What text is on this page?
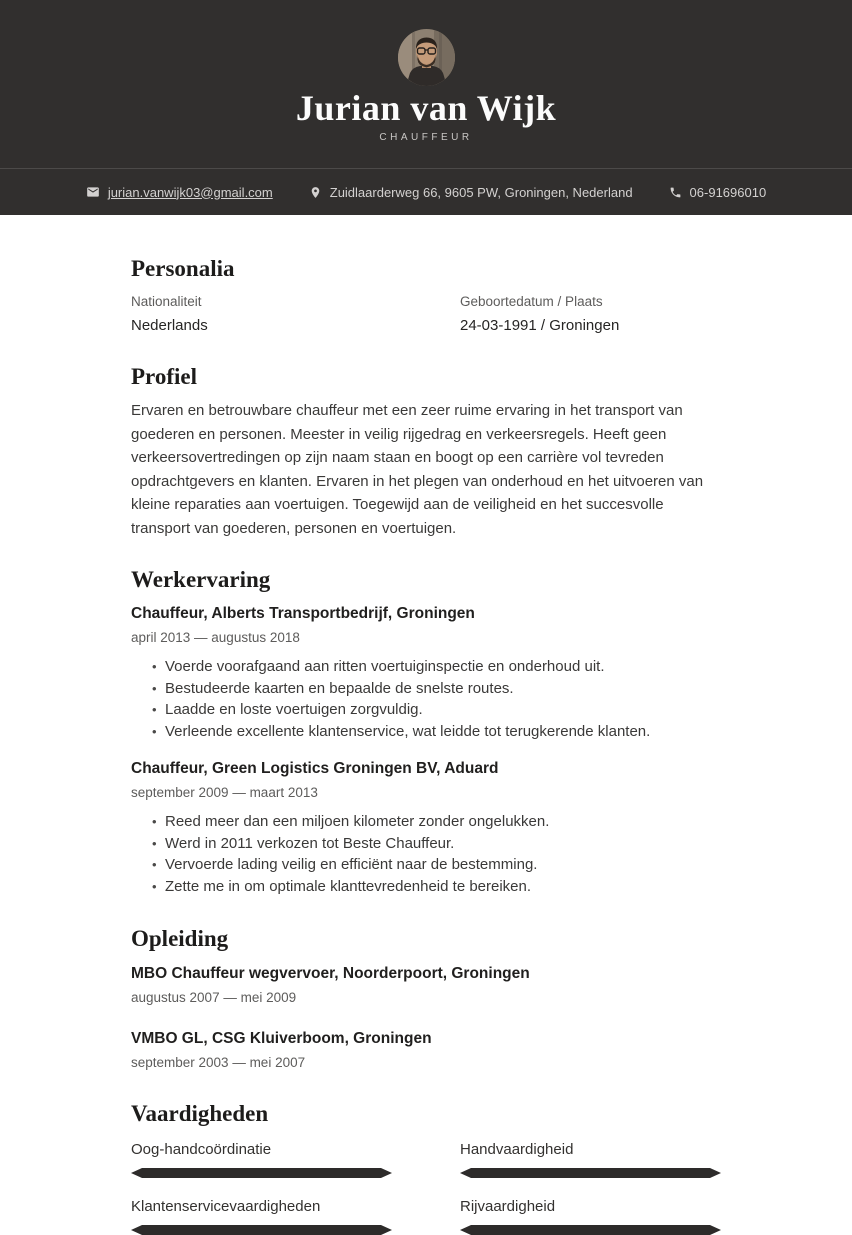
Jurian van Wijk
CHAUFFEUR
jurian.vanwijk03@gmail.com	Zuidlaarderweg 66, 9605 PW, Groningen, Nederland	06-91696010
Personalia
Nationaliteit
Nederlands
Geboortedatum / Plaats
24-03-1991 / Groningen
Profiel

Ervaren en betrouwbare chauffeur met een zeer ruime ervaring in het transport van goederen en personen. Meester in veilig rijgedrag en verkeersregels. Heeft geen verkeersovertredingen op zijn naam staan en boogt op een carrière vol tevreden opdrachtgevers en klanten. Ervaren in het plegen van onderhoud en het uitvoeren van kleine reparaties aan voertuigen. Toegewijd aan de veiligheid en het succesvolle transport van goederen, personen en voertuigen.

Werkervaring
Chauffeur, Alberts Transportbedrijf, Groningen
april 2013 — augustus 2018
• Voerde voorafgaand aan ritten voertuiginspectie en onderhoud uit.
• Bestudeerde kaarten en bepaalde de snelste routes.
• Laadde en loste voertuigen zorgvuldig.
• Verleende excellente klantenservice, wat leidde tot terugkerende klanten.
Chauffeur, Green Logistics Groningen BV, Aduard
september 2009 — maart 2013
• Reed meer dan een miljoen kilometer zonder ongelukken.
• Werd in 2011 verkozen tot Beste Chauffeur.
• Vervoerde lading veilig en efficiënt naar de bestemming.
• Zette me in om optimale klanttevredenheid te bereiken.
Opleiding
MBO Chauffeur wegvervoer, Noorderpoort, Groningen
augustus 2007 — mei 2009
VMBO GL, CSG Kluiverboom, Groningen
september 2003 — mei 2007
Vaardigheden
Oog-handcoördinatie	Handvaardigheid
Klantenservicevaardigheden	Rijvaardigheid
